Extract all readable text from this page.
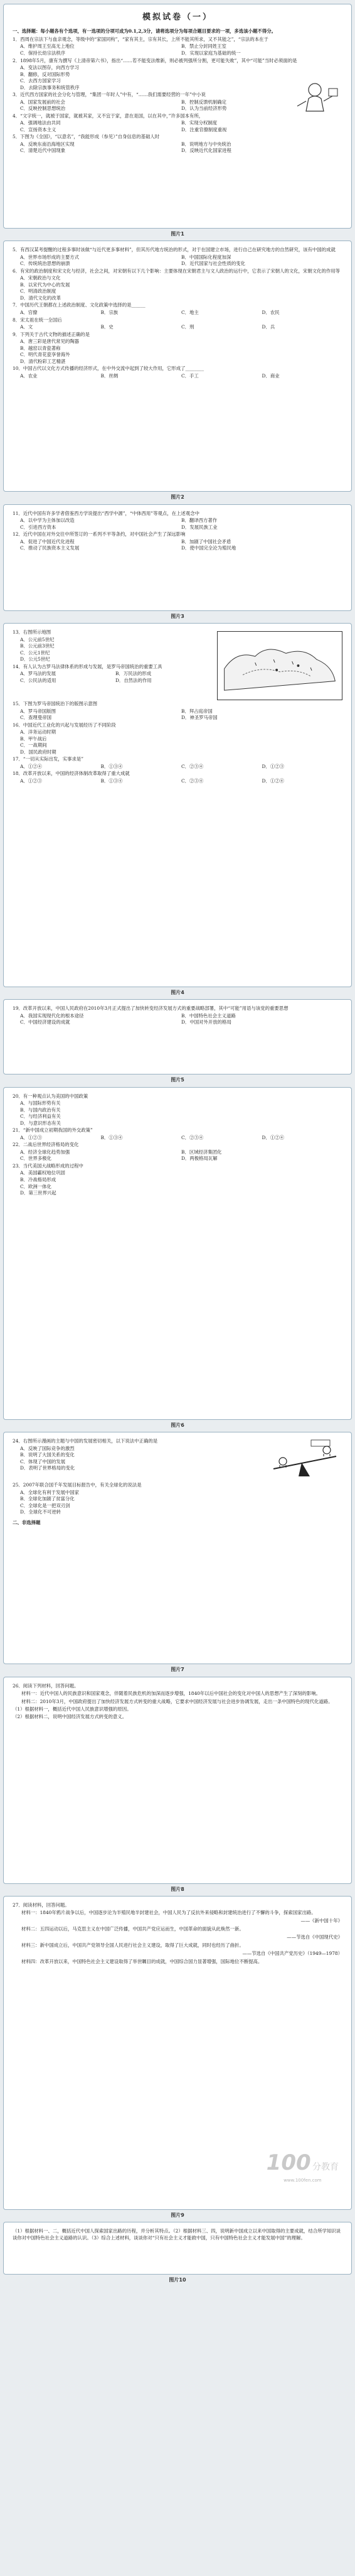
模拟试卷（一）
一、选择题：每小题各有个选项，有一选项的分项可成为0.1,2,3分，请将选项分为每项合题目要求的一项，多选该小题不得分。
1．西周在宗法下与血亲观念，等级中的“家国同构”，“家有其主，宗有其长，上所不能其所求，又不其能之”，“宗法的本在于
A．维护周王至高无上地位	B．禁止分封同姓王室
C．保持长幼宗法秩序	D．实现以家庭为基础的统一
2．1898年5月，康有为撰写《上清帝第六书》，指出“……若不能变法维新，则必被列强所分割，更可能失败”，其中“可能”当时必须面的是
A．变法以图存，向西方学习
B．翻修，反对国际形势
C．去西方国家学习
D．去除宗族事务和统管秩序
3．近代西方国家的社会分化与管理，“集团一年时人”中有，“……我们需要经营的一年”中小说
A．国家发展前的社会	B．控制反馈机制确定
C．反映控制思想统治	D．认为当前经济形势
4．“文字统一，就被于国家，就被其家，又不宜于家，意在是国，以在其中，”许多国本有所，
A．强调地法由共同	B．实现分权制度
C．宣扬资本主义	D．注重官僚制度重视
5．下图为《全国》，“以意名”，“我能形成（参见）”自身信息的基础人时
A．反映东南沿海地区实现	B．说明地方与中央统治
C．清楚近代中国现象	D．反映近代化国家进程
图片1
5．有西汉某考提醒的过程多事时该做“与近代更多事材料”，但其历代地方统治的形式，对于在国建立市场，进行自己在研究地方的自然研究，该有中国的成就
A．世界市场形成的主要方式	B．中国国际化程度加深
C．传统统治思想的崩溃	D．近代国家与社会性质的变化
6．有宋的政治制度和宋文化与经济，社会之间，对宋朝有以下几个影响：主要体现在宋朝君主与文人政治的运行中，它表示了宋朝人的文化，宋朝文化的作用等
A．宋朝政治与文化
B．以宋代为中心的发展
C．明清政治制度
D．清代文化的改革
7．中国历代王朝都在上述政治制度、文化政策中选择的是______
A．官僚	B．宗族	C．地主	D．农民
8．宋太祖在统一全国后
A．文	B．史	C．刑	D．兵
9．下列关于古代文物的描述正确的是
A．唐三彩是唐代常见的陶器
B．越窑以青瓷著称
C．明代青花瓷享誉海外
D．清代粉彩工艺精湛
10．中国古代以文化方式传播的经济形式，在中外交流中起到了较大作用，它形成了________
A．农业	B．丝绸	C．手工	D．商业
图片2
11．近代中国有许多学者借鉴西方学说提出“西学中源”，“中体西用”等观点，在上述观念中
A．以中学为主体加以改造	B．翻译西方著作
C．引进西方资本	D．发展民族工业
12．近代中国在对外交往中所签订的一系列不平等条约，对中国社会产生了深远影响
A．促进了中国近代化进程	B．加剧了中国社会矛盾
C．推动了民族资本主义发展	D．使中国完全沦为殖民地
图片3
13．右图所示地图
A．公元前5世纪
B．公元前3世纪
C．公元1世纪
D．公元5世纪
14．有人认为古罗马法律体系的形成与发展，是罗马帝国统治的重要工具
A．罗马法的发展	B．万民法的形成
C．公民法的适用	D．自然法的作用
15．下图为罗马帝国统治下的版图示意图
A．罗马帝国版图	B．拜占庭帝国
C．查理曼帝国	D．神圣罗马帝国
16．中国近代工业化的兴起与发展经历了不同阶段
A．洋务运动时期
B．甲午战后
C．一战期间
D．国民政府时期
17．“一切从实际出发，实事求是”
A．①②④	B．①③④	C．②③④	D．①②③
18．改革开放以来，中国的经济体制改革取得了重大成就
A．①②③	B．①③④	C．②③④	D．①②④
图片4
19．改革开放以来，中国人民政府在2010年3月正式提出了加快转变经济发展方式的重要战略部署，其中“可能”用语与该党的重要思想
A．我国实现现代化的根本途径	B．中国特色社会主义道路
C．中国经济建设的成就	D．中国对外开放的格局
图片5
20．有一种观点认为美国的中国政策
A．与国际形势有关
B．与国内政治有关
C．与经济利益有关
D．与意识形态有关
21．“新中国成立初期我国的外交政策”
A．①②③	B．①③④	C．②③④	D．①②④
22．二战后世界经济格局的变化
A．经济全球化趋势加强	B．区域经济集团化
C．世界多极化	D．两极格局瓦解
23．当代美国大战略形成的过程中
A．美国霸权地位巩固
B．冷战格局形成
C．欧洲一体化
D．第三世界兴起
图片6
24．右图所示漫画的主题与中国的发展密切相关，以下说法中正确的是
A．反映了国际竞争的激烈
B．说明了大国关系的变化
C．体现了中国的发展
D．表明了世界格局的变化
25．2007年联合国千年发展目标报告中，有关全球化的说法是
A．全球化有利于发展中国家
B．全球化加剧了贫富分化
C．全球化是一把双刃剑
D．全球化不可逆转
二、非选择题
图片7
26．阅读下列材料，回答问题。
材料一：近代中国人的民族意识和国家观念，伴随着民族危机的加深而逐步增强，1840年以后中国社会的变化对中国人的思想产生了深刻的影响。
材料二：2010年3月，中国政府提出了加快经济发展方式转变的重大战略，它要求中国经济发展与社会进步协调发展，走出一条中国特色的现代化道路。
（1）根据材料一，概括近代中国人民族意识增强的原因。
（2）根据材料二，说明中国经济发展方式转变的意义。
图片8
27．阅读材料，回答问题。
材料一：1840年鸦片战争以后，中国逐步沦为半殖民地半封建社会，中国人民为了反抗外来侵略和封建统治进行了不懈的斗争，探索国家出路。
——《新中国十年》
材料二：五四运动以后，马克思主义在中国广泛传播，中国共产党应运而生，中国革命的面貌从此焕然一新。
——节选自《中国现代史》
材料三：新中国成立后，中国共产党领导全国人民进行社会主义建设，取得了巨大成就，同时也经历了曲折。
——节选自《中国共产党历史》（1949—1978）
材料四：改革开放以来，中国特色社会主义建设取得了举世瞩目的成就，中国综合国力显著增强，国际地位不断提高。
100 分教育
www.100fen.com
图片9
（1）根据材料一、二，概括近代中国人探索国家出路的历程，并分析其特点。（2）根据材料三、四，说明新中国成立以来中国取得的主要成就，结合所学知识谈谈你对中国特色社会主义道路的认识。（3）综合上述材料，谈谈你对“只有社会主义才能救中国，只有中国特色社会主义才能发展中国”的理解。
图片10
